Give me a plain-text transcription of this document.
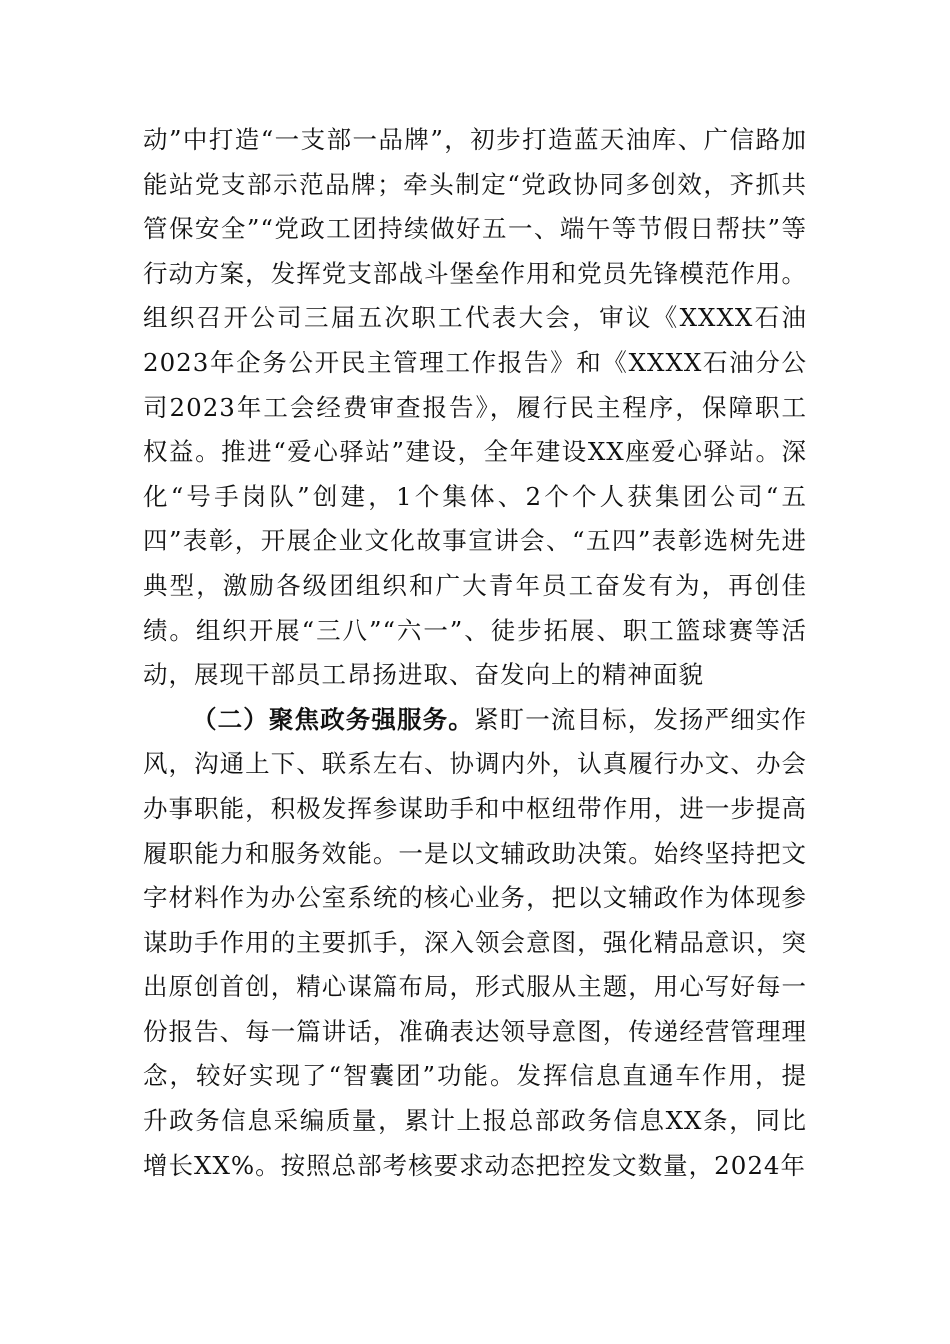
动”中打造“一支部一品牌”，初步打造蓝天油库、广信路加能站党支部示范品牌；牵头制定“党政协同多创效，齐抓共管保安全”“党政工团持续做好五一、端午等节假日帮扶”等行动方案，发挥党支部战斗堡垒作用和党员先锋模范作用。组织召开公司三届五次职工代表大会，审议《XXXX石油2023年企务公开民主管理工作报告》和《XXXX石油分公司2023年工会经费审查报告》，履行民主程序，保障职工权益。推进“爱心驿站”建设，全年建设XX座爱心驿站。深化“号手岗队”创建，1个集体、2个个人获集团公司“五四”表彰，开展企业文化故事宣讲会、“五四”表彰选树先进典型，激励各级团组织和广大青年员工奋发有为，再创佳绩。组织开展“三八”“六一”、徒步拓展、职工篮球赛等活动，展现干部员工昂扬进取、奋发向上的精神面貌

（二）聚焦政务强服务。紧盯一流目标，发扬严细实作风，沟通上下、联系左右、协调内外，认真履行办文、办会办事职能，积极发挥参谋助手和中枢纽带作用，进一步提高履职能力和服务效能。一是以文辅政助决策。始终坚持把文字材料作为办公室系统的核心业务，把以文辅政作为体现参谋助手作用的主要抓手，深入领会意图，强化精品意识，突出原创首创，精心谋篇布局，形式服从主题，用心写好每一份报告、每一篇讲话，准确表达领导意图，传递经营管理理念，较好实现了“智囊团”功能。发挥信息直通车作用，提升政务信息采编质量，累计上报总部政务信息XX条，同比增长XX%。按照总部考核要求动态把控发文数量，2024年
